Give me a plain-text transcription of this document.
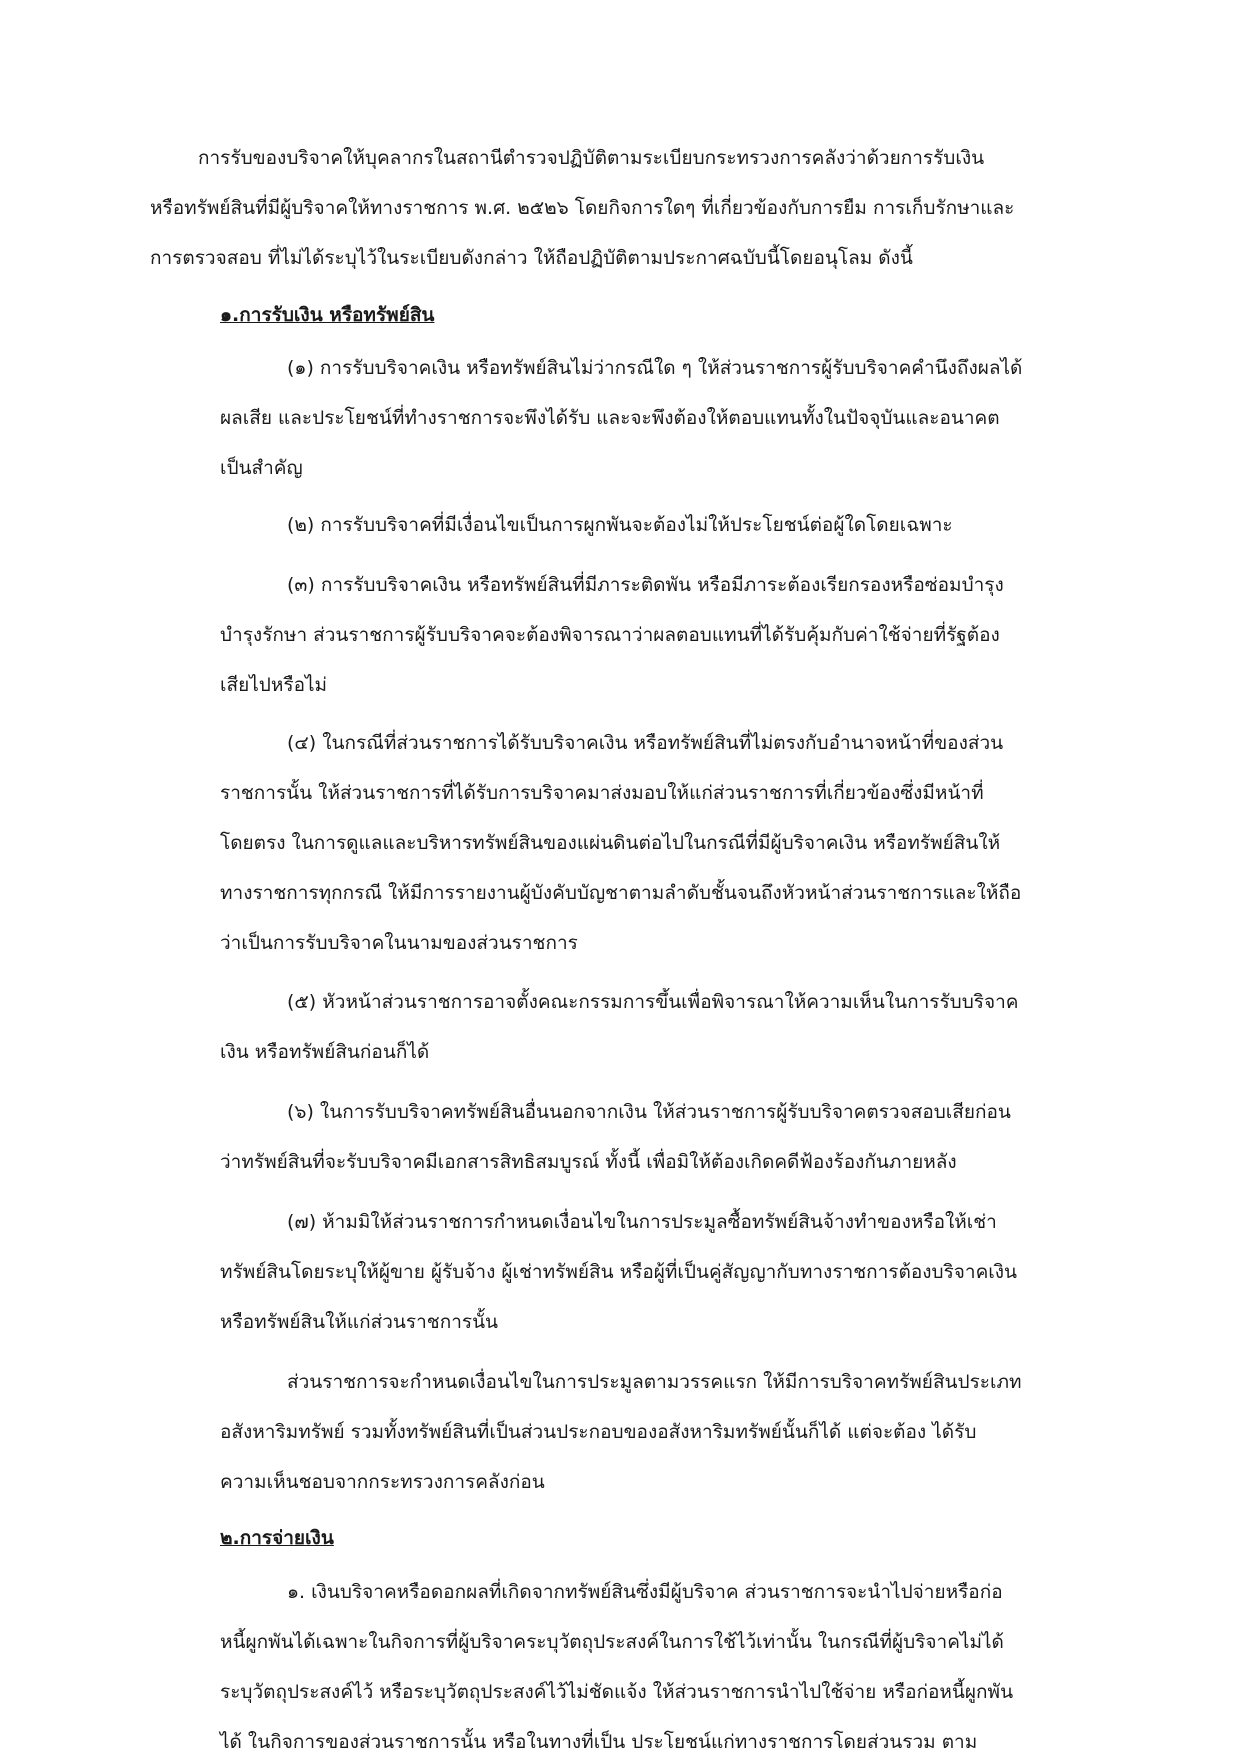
การรับของบริจาคให้บุคลากรในสถานีตำรวจปฏิบัติตามระเบียบกระทรวงการคลังว่าด้วยการรับเงิน
หรือทรัพย์สินที่มีผู้บริจาคให้ทางราชการ พ.ศ. ๒๕๒๖ โดยกิจการใดๆ ที่เกี่ยวข้องกับการยืม การเก็บรักษาและ
การตรวจสอบ ที่ไม่ได้ระบุไว้ในระเบียบดังกล่าว ให้ถือปฏิบัติตามประกาศฉบับนี้โดยอนุโลม ดังนี้
๑.การรับเงิน หรือทรัพย์สิน
(๑) การรับบริจาคเงิน หรือทรัพย์สินไม่ว่ากรณีใด ๆ ให้ส่วนราชการผู้รับบริจาคคำนึงถึงผลได้
ผลเสีย และประโยชน์ที่ทำงราชการจะพึงได้รับ และจะพึงต้องให้ตอบแทนทั้งในปัจจุบันและอนาคต
เป็นสำคัญ
(๒) การรับบริจาคที่มีเงื่อนไขเป็นการผูกพันจะต้องไม่ให้ประโยชน์ต่อผู้ใดโดยเฉพาะ
(๓) การรับบริจาคเงิน หรือทรัพย์สินที่มีภาระติดพัน หรือมีภาระต้องเรียกรองหรือซ่อมบำรุง
บำรุงรักษา ส่วนราชการผู้รับบริจาคจะต้องพิจารณาว่าผลตอบแทนที่ได้รับคุ้มกับค่าใช้จ่ายที่รัฐต้อง
เสียไปหรือไม่
(๔) ในกรณีที่ส่วนราชการได้รับบริจาคเงิน หรือทรัพย์สินที่ไม่ตรงกับอำนาจหน้าที่ของส่วน
ราชการนั้น ให้ส่วนราชการที่ได้รับการบริจาคมาส่งมอบให้แก่ส่วนราชการที่เกี่ยวข้องซึ่งมีหน้าที่
โดยตรง ในการดูแลและบริหารทรัพย์สินของแผ่นดินต่อไปในกรณีที่มีผู้บริจาคเงิน หรือทรัพย์สินให้
ทางราชการทุกกรณี ให้มีการรายงานผู้บังคับบัญชาตามลำดับชั้นจนถึงหัวหน้าส่วนราชการและให้ถือ
ว่าเป็นการรับบริจาคในนามของส่วนราชการ
(๕) หัวหน้าส่วนราชการอาจตั้งคณะกรรมการขึ้นเพื่อพิจารณาให้ความเห็นในการรับบริจาค
เงิน หรือทรัพย์สินก่อนก็ได้
(๖) ในการรับบริจาคทรัพย์สินอื่นนอกจากเงิน ให้ส่วนราชการผู้รับบริจาคตรวจสอบเสียก่อน
ว่าทรัพย์สินที่จะรับบริจาคมีเอกสารสิทธิสมบูรณ์ ทั้งนี้ เพื่อมิให้ต้องเกิดคดีฟ้องร้องกันภายหลัง
(๗) ห้ามมิให้ส่วนราชการกำหนดเงื่อนไขในการประมูลซื้อทรัพย์สินจ้างทำของหรือให้เช่า
ทรัพย์สินโดยระบุให้ผู้ขาย ผู้รับจ้าง ผู้เช่าทรัพย์สิน หรือผู้ที่เป็นคู่สัญญากับทางราชการต้องบริจาคเงิน
หรือทรัพย์สินให้แก่ส่วนราชการนั้น
ส่วนราชการจะกำหนดเงื่อนไขในการประมูลตามวรรคแรก ให้มีการบริจาคทรัพย์สินประเภท
อสังหาริมทรัพย์ รวมทั้งทรัพย์สินที่เป็นส่วนประกอบของอสังหาริมทรัพย์นั้นก็ได้ แต่จะต้อง ได้รับ
ความเห็นชอบจากกระทรวงการคลังก่อน
๒.การจ่ายเงิน
๑. เงินบริจาคหรือดอกผลที่เกิดจากทรัพย์สินซึ่งมีผู้บริจาค ส่วนราชการจะนำไปจ่ายหรือก่อ
หนี้ผูกพันได้เฉพาะในกิจการที่ผู้บริจาคระบุวัตถุประสงค์ในการใช้ไว้เท่านั้น ในกรณีที่ผู้บริจาคไม่ได้
ระบุวัตถุประสงค์ไว้ หรือระบุวัตถุประสงค์ไว้ไม่ชัดแจ้ง ให้ส่วนราชการนำไปใช้จ่าย หรือก่อหนี้ผูกพัน
ได้ ในกิจการของส่วนราชการนั้น หรือในทางที่เป็น ประโยชน์แก่ทางราชการโดยส่วนรวม ตาม
